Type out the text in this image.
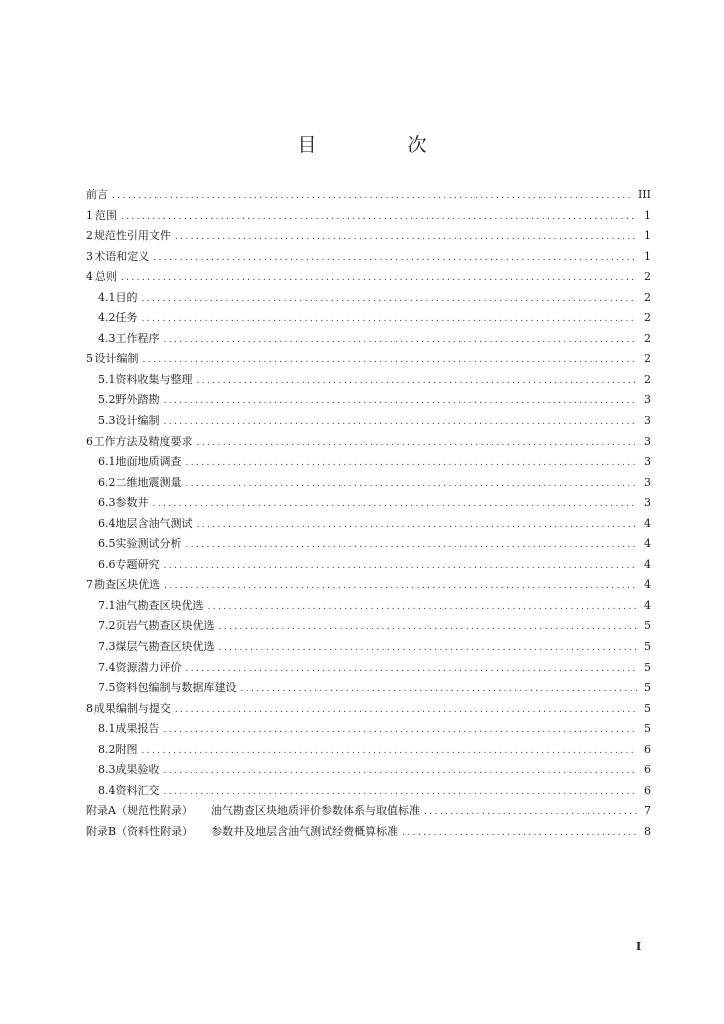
目　次
前言 .....	III
1 范围 .....	1
2 规范性引用文件 .....	1
3 术语和定义 .....	1
4 总则 .....	2
4.1 目的 .....	2
4.2 任务 .....	2
4.3 工作程序 .....	2
5 设计编制 .....	2
5.1 资料收集与整理 .....	2
5.2 野外踏勘 .....	3
5.3 设计编制 .....	3
6 工作方法及精度要求 .....	3
6.1 地面地质调查 .....	3
6.2 二维地震测量 .....	3
6.3 参数井 .....	3
6.4 地层含油气测试 .....	4
6.5 实验测试分析 .....	4
6.6 专题研究 .....	4
7 勘查区块优选 .....	4
7.1 油气勘查区块优选 .....	4
7.2 页岩气勘查区块优选 .....	5
7.3 煤层气勘查区块优选 .....	5
7.4 资源潜力评价 .....	5
7.5 资料包编制与数据库建设 .....	5
8 成果编制与提交 .....	5
8.1 成果报告 .....	5
8.2 附图 .....	6
8.3 成果验收 .....	6
8.4 资料汇交 .....	6
附录A（规范性附录） 油气勘查区块地质评价参数体系与取值标准 .....	7
附录B（资料性附录） 参数井及地层含油气测试经费概算标准 .....	8
I
